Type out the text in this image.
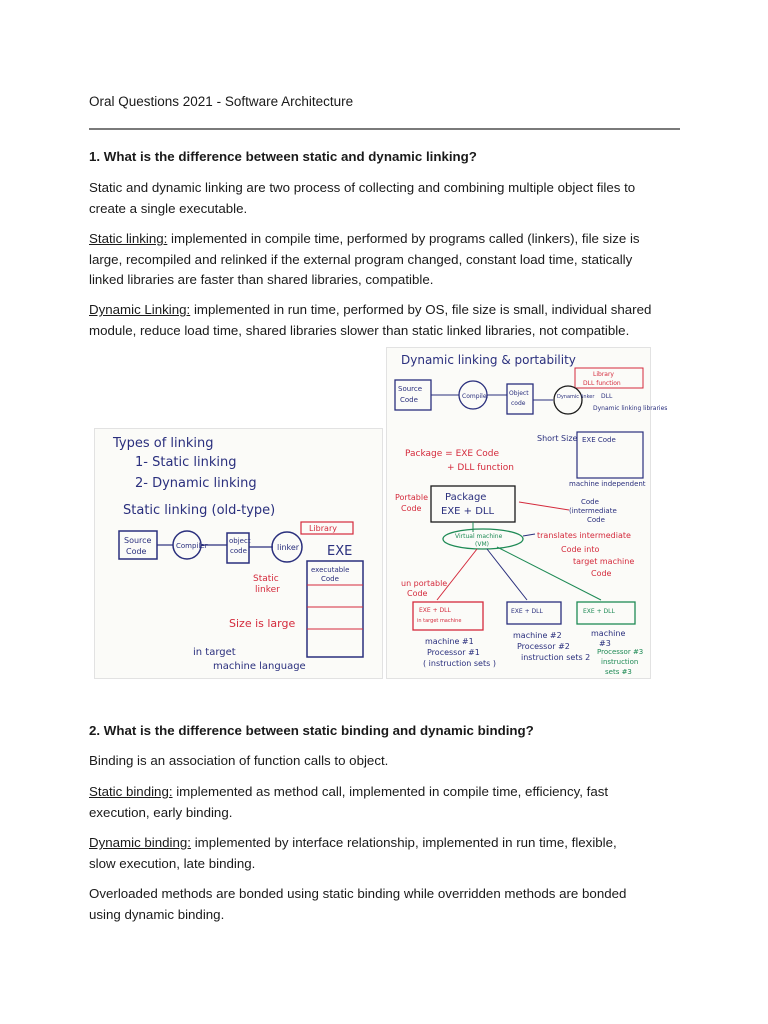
Oral Questions 2021 - Software Architecture

1. What is the difference between static and dynamic linking?

Static and dynamic linking are two process of collecting and combining multiple object files to
create a single executable.

Static linking: implemented in compile time, performed by programs called (linkers), file size is
large, recompiled and relinked if the external program changed, constant load time, statically
linked libraries are faster than shared libraries, compatible.

Dynamic Linking: implemented in run time, performed by OS, file size is small, individual shared
module, reduce load time, shared libraries slower than static linked libraries, not compatible.

Types of linking
1- Static linking
2- Dynamic linking
Static linking (old-type)
Source
Code
Compiler
object
code	linker
Library
EXE
executable
Code
Static
linker
Size is large
in target
machine language
Dynamic linking & portability
Library
DLL function
Source
Code	Compiler	Object
code
Dynamic linker DLL
Dynamic linking libraries
Short Size EXE Code
Package = EXE Code
+ DLL function
Portable
Code
Package
EXE + DLL
machine independent
Code
(intermediate
Code
Virtual machine
(VM)
translates intermediate
Code into
target machine
Code
un portable
Code
EXE + DLL
in target machine
EXE + DLL	EXE + DLL
machine #1
Processor #1
( instruction sets )
machine #2
Processor #2
instruction sets 2
machine
#3
Processor #3
instruction
sets #3

2. What is the difference between static binding and dynamic binding?

Binding is an association of function calls to object.

Static binding: implemented as method call, implemented in compile time, efficiency, fast
execution, early binding.

Dynamic binding: implemented by interface relationship, implemented in run time, flexible,
slow execution, late binding.

Overloaded methods are bonded using static binding while overridden methods are bonded
using dynamic binding.
